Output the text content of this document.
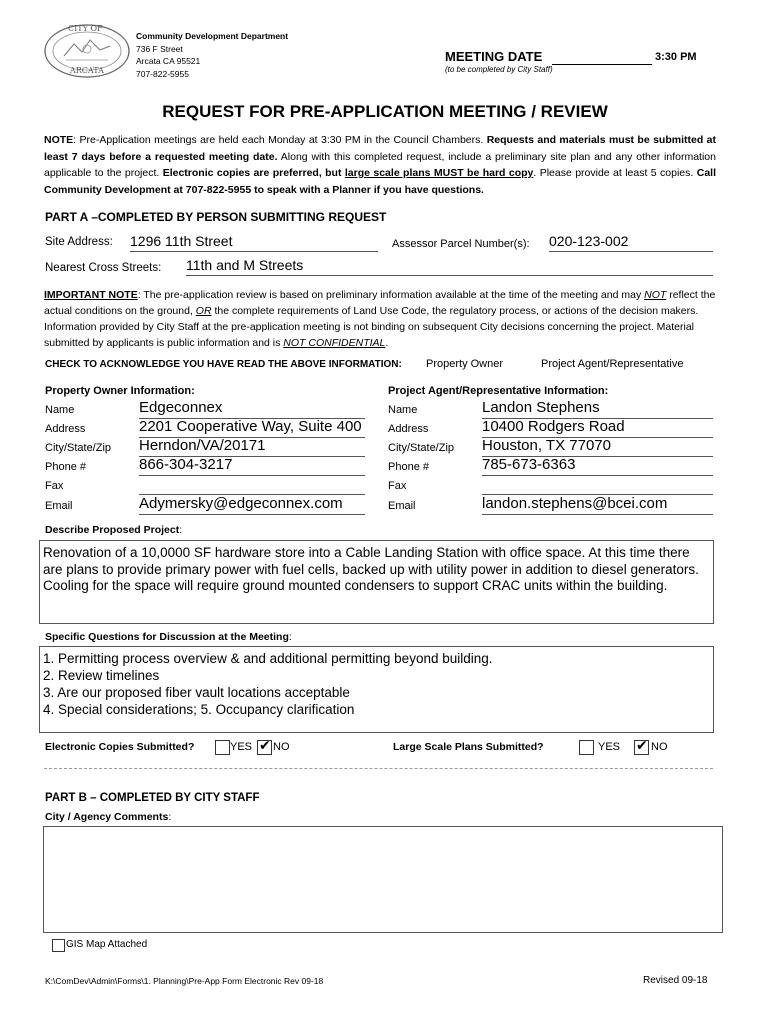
CITY OF
ARCATA
Community Development Department
736 F Street
Arcata CA 95521
707-822-5955
MEETING DATE	3:30 PM
(to be completed by City Staff)
REQUEST FOR PRE-APPLICATION MEETING / REVIEW
NOTE: Pre-Application meetings are held each Monday at 3:30 PM in the Council Chambers. Requests and materials must be submitted at least 7 days before a requested meeting date. Along with this completed request, include a preliminary site plan and any other information applicable to the project. Electronic copies are preferred, but large scale plans MUST be hard copy. Please provide at least 5 copies. Call Community Development at 707-822-5955 to speak with a Planner if you have questions.
PART A –COMPLETED BY PERSON SUBMITTING REQUEST
Site Address: 1296 11th Street	Assessor Parcel Number(s): 020-123-002
Nearest Cross Streets: 11th and M Streets
IMPORTANT NOTE: The pre-application review is based on preliminary information available at the time of the meeting and may NOT reflect the actual conditions on the ground, OR the complete requirements of Land Use Code, the regulatory process, or actions of the decision makers. Information provided by City Staff at the pre-application meeting is not binding on subsequent City decisions concerning the project. Material submitted by applicants is public information and is NOT CONFIDENTIAL.
CHECK TO ACKNOWLEDGE YOU HAVE READ THE ABOVE INFORMATION: Property Owner	Project Agent/Representative
Property Owner Information:
Name	Edgeconnex
Address	2201 Cooperative Way, Suite 400
City/State/Zip Herndon/VA/20171
Phone #	866-304-3217
Fax
Email	Adymersky@edgeconnex.com
Project Agent/Representative Information:
Name	Landon Stephens
Address	10400 Rodgers Road
City/State/Zip Houston, TX 77070
Phone #	785-673-6363
Fax
Email	landon.stephens@bcei.com
Describe Proposed Project:
Renovation of a 10,0000 SF hardware store into a Cable Landing Station with office space. At this time there are plans to provide primary power with fuel cells, backed up with utility power in addition to diesel generators. Cooling for the space will require ground mounted condensers to support CRAC units within the building.
Specific Questions for Discussion at the Meeting:
1. Permitting process overview & and additional permitting beyond building.
2. Review timelines
3. Are our proposed fiber vault locations acceptable
4. Special considerations; 5. Occupancy clarification
Electronic Copies Submitted?	YES ✔ NO	Large Scale Plans Submitted?	YES ✔	NO
PART B – COMPLETED BY CITY STAFF
City / Agency Comments:
GIS Map Attached
K:\ComDev\Admin\Forms\1. Planning\Pre-App Form Electronic Rev 09-18	Revised 09-18
